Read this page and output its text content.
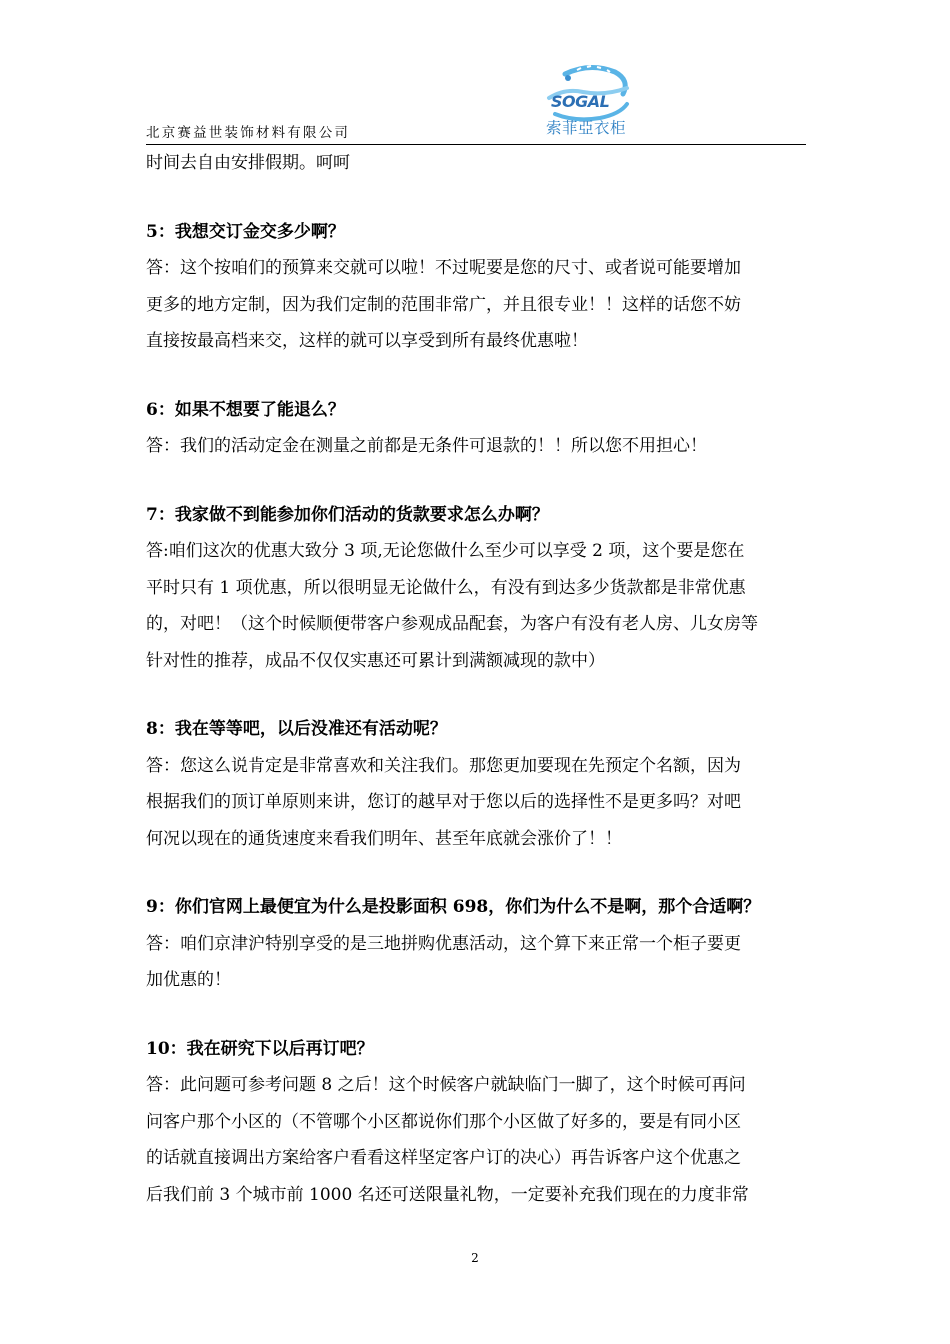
北京赛益世装饰材料有限公司
SOGAL
索菲亞衣柜
时间去自由安排假期。呵呵
5：我想交订金交多少啊？
答：这个按咱们的预算来交就可以啦！不过呢要是您的尺寸、或者说可能要增加
更多的地方定制，因为我们定制的范围非常广，并且很专业！！这样的话您不妨
直接按最高档来交，这样的就可以享受到所有最终优惠啦！
6：如果不想要了能退么？
答：我们的活动定金在测量之前都是无条件可退款的！！所以您不用担心！
7：我家做不到能参加你们活动的货款要求怎么办啊？
答:咱们这次的优惠大致分 3 项,无论您做什么至少可以享受 2 项，这个要是您在
平时只有 1 项优惠，所以很明显无论做什么，有没有到达多少货款都是非常优惠
的，对吧！（这个时候顺便带客户参观成品配套，为客户有没有老人房、儿女房等
针对性的推荐，成品不仅仅实惠还可累计到满额减现的款中）
8：我在等等吧，以后没准还有活动呢？
答：您这么说肯定是非常喜欢和关注我们。那您更加要现在先预定个名额，因为
根据我们的顶订单原则来讲，您订的越早对于您以后的选择性不是更多吗？对吧
何况以现在的通货速度来看我们明年、甚至年底就会涨价了！！
9：你们官网上最便宜为什么是投影面积 698，你们为什么不是啊，那个合适啊？
答：咱们京津沪特别享受的是三地拼购优惠活动，这个算下来正常一个柜子要更
加优惠的！
10：我在研究下以后再订吧？
答：此问题可参考问题 8 之后！这个时候客户就缺临门一脚了，这个时候可再问
问客户那个小区的（不管哪个小区都说你们那个小区做了好多的，要是有同小区
的话就直接调出方案给客户看看这样坚定客户订的决心）再告诉客户这个优惠之
后我们前 3 个城市前 1000 名还可送限量礼物，一定要补充我们现在的力度非常
2
